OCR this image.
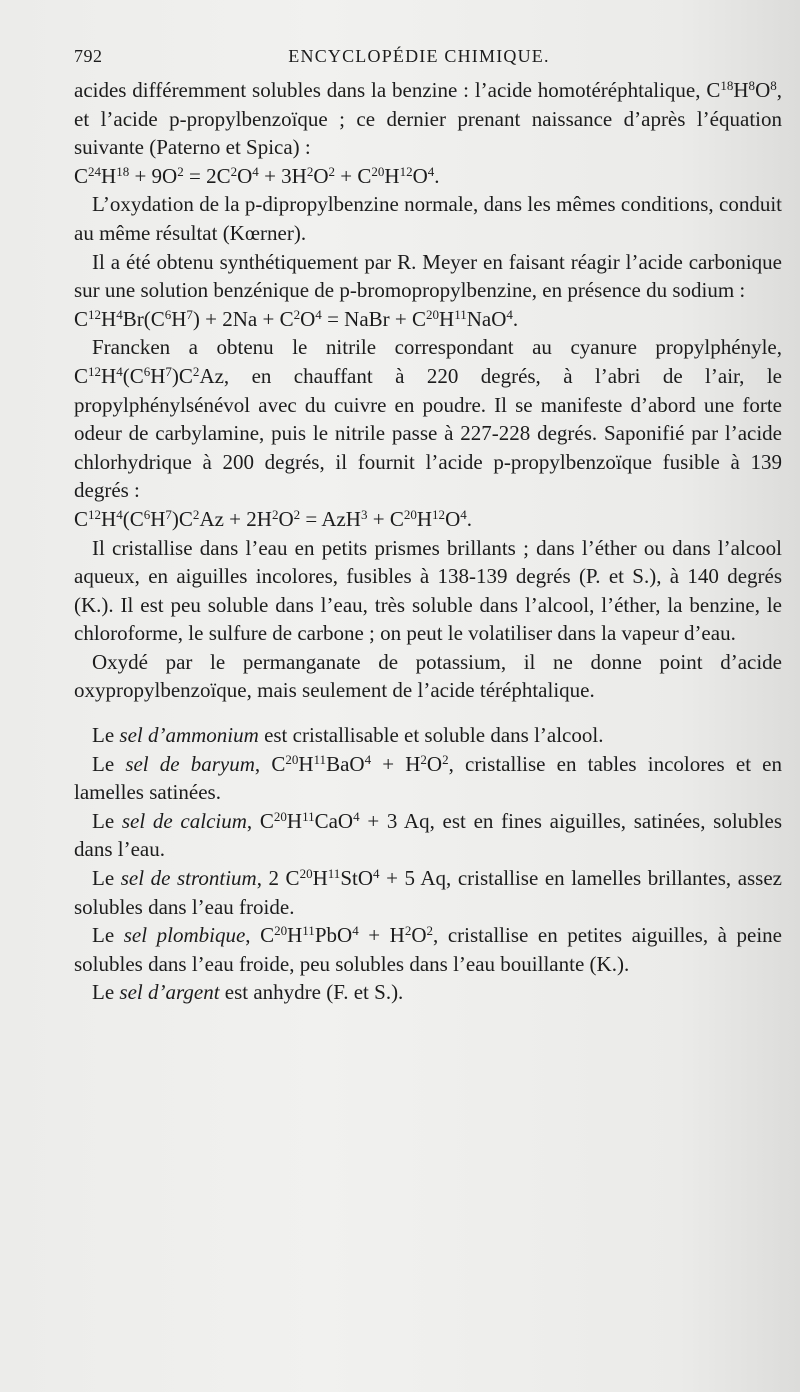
792	ENCYCLOPÉDIE CHIMIQUE.

acides différemment solubles dans la benzine : l’acide homotéréphtalique, $C^{18}H^8O^8$, et l’acide p-propylbenzoïque ; ce dernier prenant naissance d’après l’équation suivante (Paterno et Spica) :

$C^{24}H^{18} + 9O^2 = 2C^2O^4 + 3H^2O^2 + C^{20}H^{12}O^4$.

L’oxydation de la p-dipropylbenzine normale, dans les mêmes conditions, conduit au même résultat (Kœrner).

Il a été obtenu synthétiquement par R. Meyer en faisant réagir l’acide carbonique sur une solution benzénique de p-bromopropylbenzine, en présence du sodium :

$C^{12}H^4Br(C^6H^7) + 2Na + C^2O^4$ = NaBr + $C^{20}H^{11}NaO^4$.

Francken a obtenu le nitrile correspondant au cyanure propylphényle, $C^{12}H^4(C^6H^7)C^2Az$, en chauffant à 220 degrés, à l’abri de l’air, le propylphénylsénévol avec du cuivre en poudre. Il se manifeste d’abord une forte odeur de carbylamine, puis le nitrile passe à 227-228 degrés. Saponifié par l’acide chlorhydrique à 200 degrés, il fournit l’acide p-propylbenzoïque fusible à 139 degrés :

$C^{12}H^4(C^6H^7)C^2Az + 2H^2O^2 = AzH^3 + C^{20}H^{12}O^4$.

Il cristallise dans l’eau en petits prismes brillants ; dans l’éther ou dans l’alcool aqueux, en aiguilles incolores, fusibles à 138-139 degrés (P. et S.), à 140 degrés (K.). Il est peu soluble dans l’eau, très soluble dans l’alcool, l’éther, la benzine, le chloroforme, le sulfure de carbone ; on peut le volatiliser dans la vapeur d’eau.

Oxydé par le permanganate de potassium, il ne donne point d’acide oxypropylbenzoïque, mais seulement de l’acide téréphtalique.

Le sel d’ammonium est cristallisable et soluble dans l’alcool.

Le sel de baryum, $C^{20}H^{11}BaO^4 + H^2O^2$, cristallise en tables incolores et en lamelles satinées.

Le sel de calcium, $C^{20}H^{11}CaO^4 + 3$ Aq, est en fines aiguilles, satinées, solubles dans l’eau.

Le sel de strontium, 2 $C^{20}H^{11}StO^4 + 5$ Aq, cristallise en lamelles brillantes, assez solubles dans l’eau froide.

Le sel plombique, $C^{20}H^{11}PbO^4 + H^2O^2$, cristallise en petites aiguilles, à peine solubles dans l’eau froide, peu solubles dans l’eau bouillante (K.).

Le sel d’argent est anhydre (F. et S.).
